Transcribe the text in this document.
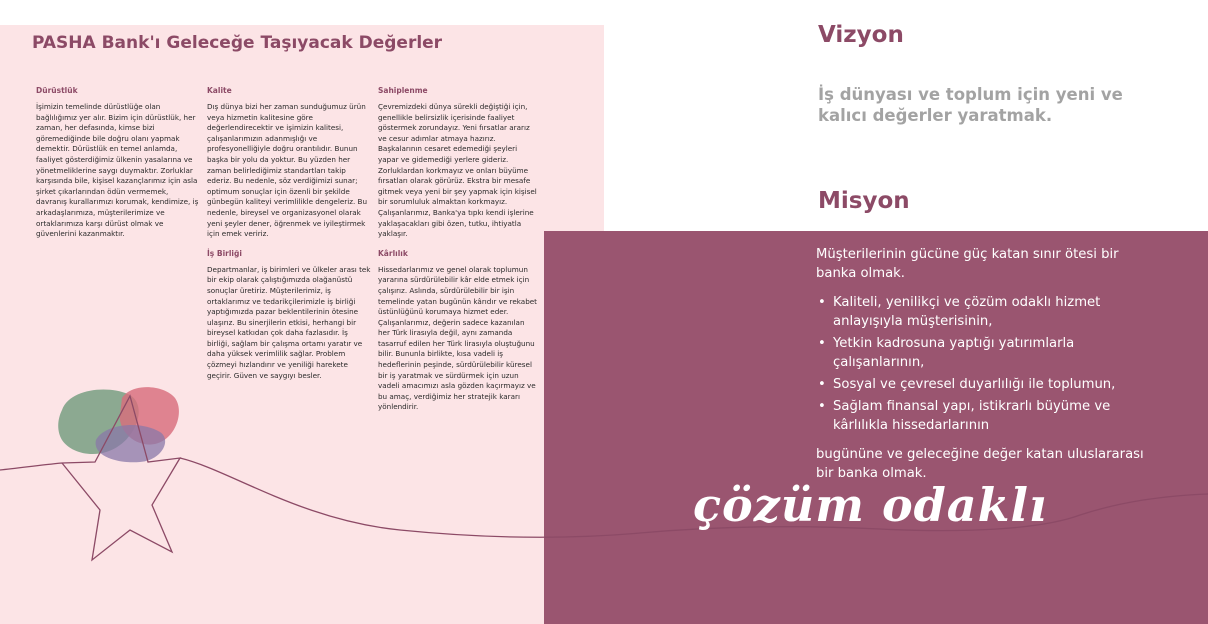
PASHA Bank'ı Geleceğe Taşıyacak Değerler
Dürüstlük

İşimizin temelinde dürüstlüğe olan bağlılığımız yer alır. Bizim için dürüstlük, her zaman, her defasında, kimse bizi göremediğinde bile doğru olanı yapmak demektir. Dürüstlük en temel anlamda, faaliyet gösterdiğimiz ülkenin yasalarına ve yönetmeliklerine saygı duymaktır. Zorluklar karşısında bile, kişisel kazançlarımız için asla şirket çıkarlarından ödün vermemek, davranış kurallarımızı korumak, kendimize, iş arkadaşlarımıza, müşterilerimize ve ortaklarımıza karşı dürüst olmak ve güvenlerini kazanmaktır.

Kalite

Dış dünya bizi her zaman sunduğumuz ürün veya hizmetin kalitesine göre değerlendirecektir ve işimizin kalitesi, çalışanlarımızın adanmışlığı ve profesyonelliğiyle doğru orantılıdır. Bunun başka bir yolu da yoktur. Bu yüzden her zaman belirlediğimiz standartları takip ederiz. Bu nedenle, söz verdiğimizi sunar; optimum sonuçlar için özenli bir şekilde günbegün kaliteyi verimlilikle dengeleriz. Bu nedenle, bireysel ve organizasyonel olarak yeni şeyler dener, öğrenmek ve iyileştirmek için emek veririz.

İş Birliği

Departmanlar, iş birimleri ve ülkeler arası tek bir ekip olarak çalıştığımızda olağanüstü sonuçlar üretiriz. Müşterilerimiz, iş ortaklarımız ve tedarikçilerimizle iş birliği yaptığımızda pazar beklentilerinin ötesine ulaşırız. Bu sinerjilerin etkisi, herhangi bir bireysel katkıdan çok daha fazlasıdır. İş birliği, sağlam bir çalışma ortamı yaratır ve daha yüksek verimlilik sağlar. Problem çözmeyi hızlandırır ve yeniliği harekete geçirir. Güven ve saygıyı besler.

Sahiplenme

Çevremizdeki dünya sürekli değiştiği için, genellikle belirsizlik içerisinde faaliyet göstermek zorundayız. Yeni fırsatlar ararız ve cesur adımlar atmaya hazırız. Başkalarının cesaret edemediği şeyleri yapar ve gidemediği yerlere gideriz. Zorluklardan korkmayız ve onları büyüme fırsatları olarak görürüz. Ekstra bir mesafe gitmek veya yeni bir şey yapmak için kişisel bir sorumluluk almaktan korkmayız. Çalışanlarımız, Banka'ya tıpkı kendi işlerine yaklaşacakları gibi özen, tutku, ihtiyatla yaklaşır.

Kârlılık

Hissedarlarımız ve genel olarak toplumun yararına sürdürülebilir kâr elde etmek için çalışırız. Aslında, sürdürülebilir bir işin temelinde yatan bugünün kârıdır ve rekabet üstünlüğünü korumaya hizmet eder. Çalışanlarımız, değerin sadece kazanılan her Türk lirasıyla değil, aynı zamanda tasarruf edilen her Türk lirasıyla oluştuğunu bilir. Bununla birlikte, kısa vadeli iş hedeflerinin peşinde, sürdürülebilir küresel bir iş yaratmak ve sürdürmek için uzun vadeli amacımızı asla gözden kaçırmayız ve bu amaç, verdiğimiz her stratejik kararı yönlendirir.

Vizyon

İş dünyası ve toplum için yeni ve kalıcı değerler yaratmak.

Misyon

Müşterilerinin gücüne güç katan sınır ötesi bir banka olmak.

• Kaliteli, yenilikçi ve çözüm odaklı hizmet anlayışıyla müşterisinin,
• Yetkin kadrosuna yaptığı yatırımlarla çalışanlarının,
• Sosyal ve çevresel duyarlılığı ile toplumun,
• Sağlam finansal yapı, istikrarlı büyüme ve kârlılıkla hissedarlarının

bugününe ve geleceğine değer katan uluslararası bir banka olmak.

çözüm odaklı
